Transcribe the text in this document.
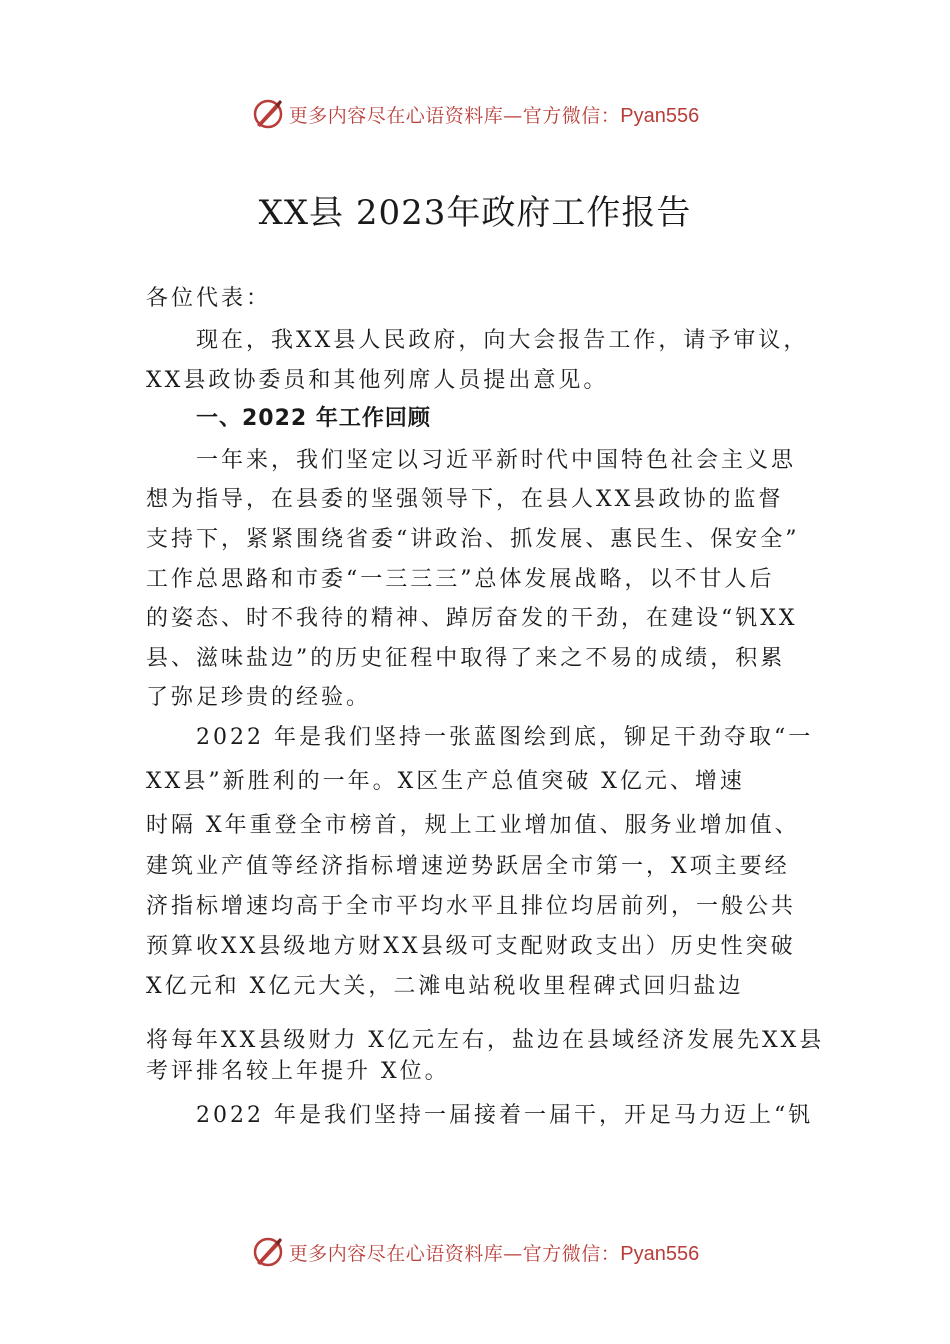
更多内容尽在心语资料库—官方微信：Pyan556
XX县 2023年政府工作报告
各位代表：
现在，我XX县人民政府，向大会报告工作，请予审议，
XX县政协委员和其他列席人员提出意见。
一、2022 年工作回顾
一年来，我们坚定以习近平新时代中国特色社会主义思
想为指导，在县委的坚强领导下，在县人XX县政协的监督
支持下，紧紧围绕省委“讲政治、抓发展、惠民生、保安全”
工作总思路和市委“一三三三”总体发展战略，以不甘人后
的姿态、时不我待的精神、踔厉奋发的干劲，在建设“钒XX
县、滋味盐边”的历史征程中取得了来之不易的成绩，积累
了弥足珍贵的经验。
2022 年是我们坚持一张蓝图绘到底，铆足干劲夺取“一
XX县”新胜利的一年。X区生产总值突破 X亿元、增速
时隔 X年重登全市榜首，规上工业增加值、服务业增加值、
建筑业产值等经济指标增速逆势跃居全市第一，X项主要经
济指标增速均高于全市平均水平且排位均居前列，一般公共
预算收XX县级地方财XX县级可支配财政支出）历史性突破
X亿元和 X亿元大关，二滩电站税收里程碑式回归盐边
将每年XX县级财力 X亿元左右，盐边在县域经济发展先XX县
考评排名较上年提升 X位。
2022 年是我们坚持一届接着一届干，开足马力迈上“钒
更多内容尽在心语资料库—官方微信：Pyan556
